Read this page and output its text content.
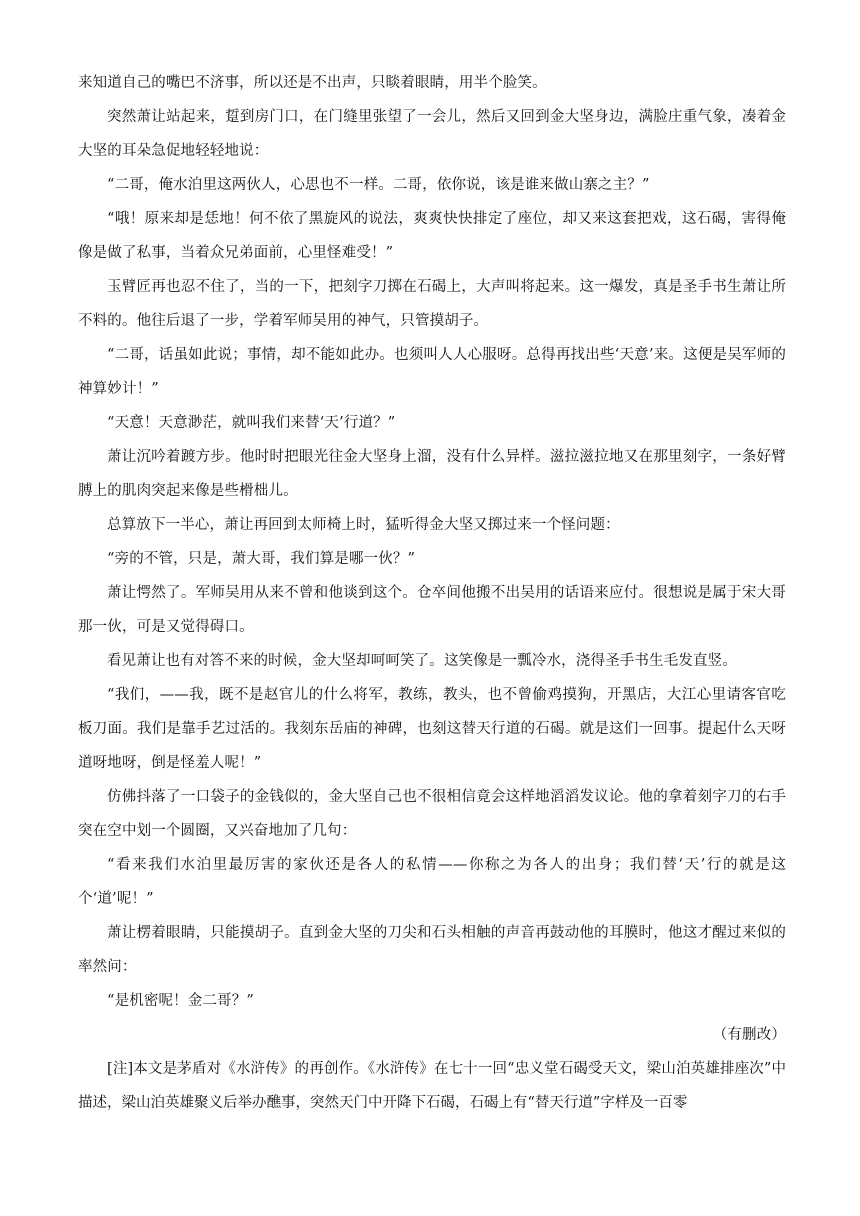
来知道自己的嘴巴不济事，所以还是不出声，只睒着眼睛，用半个脸笑。

突然萧让站起来，踅到房门口，在门缝里张望了一会儿，然后又回到金大坚身边，满脸庄重气象，凑着金大坚的耳朵急促地轻轻地说：

“二哥，俺水泊里这两伙人，心思也不一样。二哥，依你说，该是谁来做山寨之主？”

“哦！原来却是恁地！何不依了黑旋风的说法，爽爽快快排定了座位，却又来这套把戏，这石碣，害得俺像是做了私事，当着众兄弟面前，心里怪难受！”

玉臂匠再也忍不住了，当的一下，把刻字刀掷在石碣上，大声叫将起来。这一爆发，真是圣手书生萧让所不料的。他往后退了一步，学着军师吴用的神气，只管摸胡子。

“二哥，话虽如此说；事情，却不能如此办。也须叫人人心服呀。总得再找出些‘天意’来。这便是吴军师的神算妙计！”

“天意！天意渺茫，就叫我们来替‘天’行道？”

萧让沉吟着踱方步。他时时把眼光往金大坚身上溜，没有什么异样。滋拉滋拉地又在那里刻字，一条好臂膊上的肌肉突起来像是些榾柮儿。

总算放下一半心，萧让再回到太师椅上时，猛听得金大坚又掷过来一个怪问题：

“旁的不管，只是，萧大哥，我们算是哪一伙？”

萧让愕然了。军师吴用从来不曾和他谈到这个。仓卒间他搬不出吴用的话语来应付。很想说是属于宋大哥那一伙，可是又觉得碍口。

看见萧让也有对答不来的时候，金大坚却呵呵笑了。这笑像是一瓢冷水，浇得圣手书生毛发直竖。

“我们，——我，既不是赵官儿的什么将军，教练，教头，也不曾偷鸡摸狗，开黑店，大江心里请客官吃板刀面。我们是靠手艺过活的。我刻东岳庙的神碑，也刻这替天行道的石碣。就是这们一回事。提起什么天呀道呀地呀，倒是怪羞人呢！”

仿佛抖落了一口袋子的金钱似的，金大坚自己也不很相信竟会这样地滔滔发议论。他的拿着刻字刀的右手突在空中划一个圆圈，又兴奋地加了几句：

“看来我们水泊里最厉害的家伙还是各人的私情——你称之为各人的出身；我们替‘天’行的就是这个‘道’呢！”

萧让楞着眼睛，只能摸胡子。直到金大坚的刀尖和石头相触的声音再鼓动他的耳膜时，他这才醒过来似的率然问：

“是机密呢！金二哥？”

（有删改）

[注]本文是茅盾对《水浒传》的再创作。《水浒传》在七十一回“忠义堂石碣受天文，梁山泊英雄排座次”中描述，梁山泊英雄聚义后举办醮事，突然天门中开降下石碣，石碣上有“替天行道”字样及一百零
